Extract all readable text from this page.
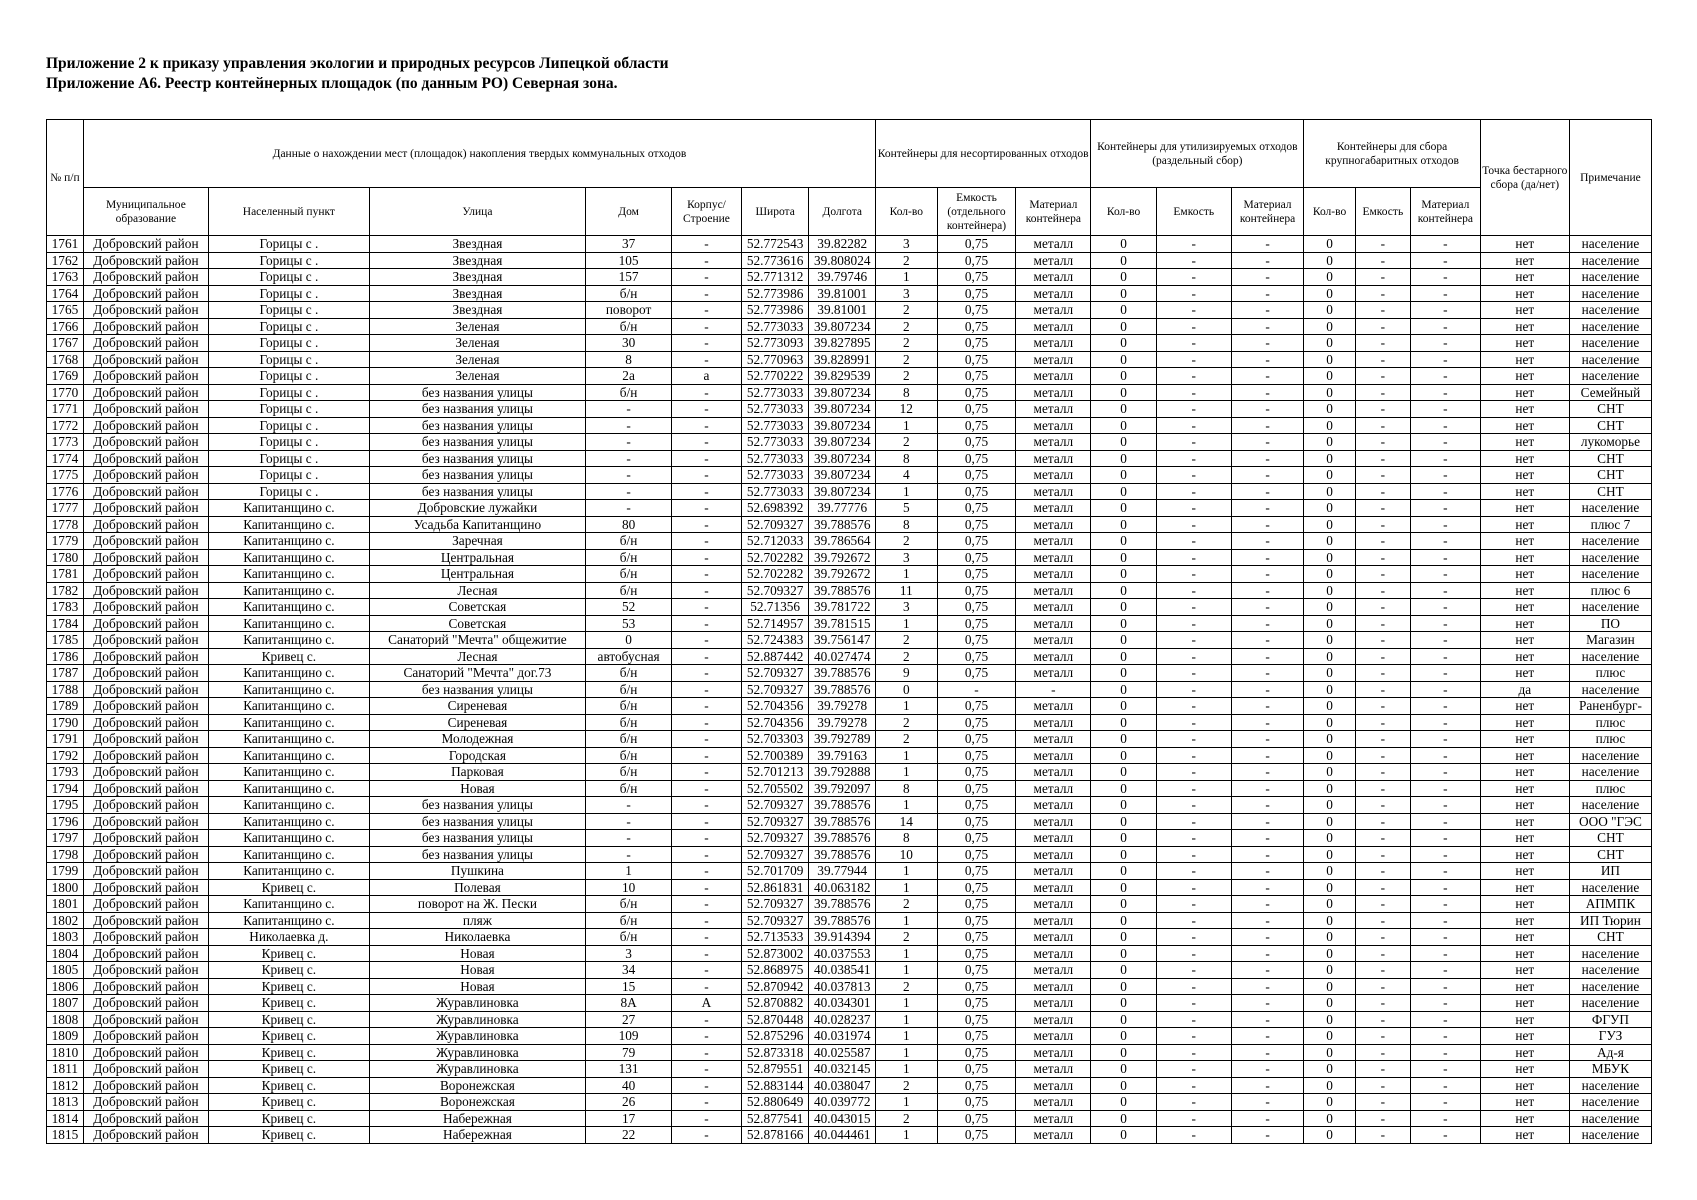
Приложение 2 к приказу управления экологии и природных ресурсов Липецкой области
Приложение А6. Реестр контейнерных площадок (по данным РО) Северная зона.
№ п/п	Данные о нахождении мест (площадок) накопления твердых коммунальных отходов							Контейнеры для несортированных отходов			Контейнеры для утилизируемых отходов (раздельный сбор)			Контейнеры для сбора крупногабаритных отходов			Точка бестарного сбора (да/нет)	Примечание
	Муниципальное образование	Населенный пункт	Улица	Дом	Корпус/ Строение	Широта	Долгота	Кол-во	Емкость (отдельного контейнера)	Материал контейнера	Кол-во	Емкость	Материал контейнера	Кол-во	Емкость	Материал контейнера		
1761	Добровский район	Горицы с .	Звездная	37	-	52.772543	39.82282	3	0,75	металл	0	-	-	0	-	-	нет	население
1762	Добровский район	Горицы с .	Звездная	105	-	52.773616	39.808024	2	0,75	металл	0	-	-	0	-	-	нет	население
1763	Добровский район	Горицы с .	Звездная	157	-	52.771312	39.79746	1	0,75	металл	0	-	-	0	-	-	нет	население
1764	Добровский район	Горицы с .	Звездная	б/н	-	52.773986	39.81001	3	0,75	металл	0	-	-	0	-	-	нет	население
1765	Добровский район	Горицы с .	Звездная	поворот	-	52.773986	39.81001	2	0,75	металл	0	-	-	0	-	-	нет	население
1766	Добровский район	Горицы с .	Зеленая	б/н	-	52.773033	39.807234	2	0,75	металл	0	-	-	0	-	-	нет	население
1767	Добровский район	Горицы с .	Зеленая	30	-	52.773093	39.827895	2	0,75	металл	0	-	-	0	-	-	нет	население
1768	Добровский район	Горицы с .	Зеленая	8	-	52.770963	39.828991	2	0,75	металл	0	-	-	0	-	-	нет	население
1769	Добровский район	Горицы с .	Зеленая	2а	а	52.770222	39.829539	2	0,75	металл	0	-	-	0	-	-	нет	население
1770	Добровский район	Горицы с .	без названия улицы	б/н	-	52.773033	39.807234	8	0,75	металл	0	-	-	0	-	-	нет	Семейный
1771	Добровский район	Горицы с .	без названия улицы	-	-	52.773033	39.807234	12	0,75	металл	0	-	-	0	-	-	нет	СНТ
1772	Добровский район	Горицы с .	без названия улицы	-	-	52.773033	39.807234	1	0,75	металл	0	-	-	0	-	-	нет	СНТ
1773	Добровский район	Горицы с .	без названия улицы	-	-	52.773033	39.807234	2	0,75	металл	0	-	-	0	-	-	нет	лукоморье
1774	Добровский район	Горицы с .	без названия улицы	-	-	52.773033	39.807234	8	0,75	металл	0	-	-	0	-	-	нет	СНТ
1775	Добровский район	Горицы с .	без названия улицы	-	-	52.773033	39.807234	4	0,75	металл	0	-	-	0	-	-	нет	СНТ
1776	Добровский район	Горицы с .	без названия улицы	-	-	52.773033	39.807234	1	0,75	металл	0	-	-	0	-	-	нет	СНТ
1777	Добровский район	Капитанщино с.	Добровские лужайки	-	-	52.698392	39.77776	5	0,75	металл	0	-	-	0	-	-	нет	население
1778	Добровский район	Капитанщино с.	Усадьба Капитанщино	80	-	52.709327	39.788576	8	0,75	металл	0	-	-	0	-	-	нет	плюс 7
1779	Добровский район	Капитанщино с.	Заречная	б/н	-	52.712033	39.786564	2	0,75	металл	0	-	-	0	-	-	нет	население
1780	Добровский район	Капитанщино с.	Центральная	б/н	-	52.702282	39.792672	3	0,75	металл	0	-	-	0	-	-	нет	население
1781	Добровский район	Капитанщино с.	Центральная	б/н	-	52.702282	39.792672	1	0,75	металл	0	-	-	0	-	-	нет	население
1782	Добровский район	Капитанщино с.	Лесная	б/н	-	52.709327	39.788576	11	0,75	металл	0	-	-	0	-	-	нет	плюс 6
1783	Добровский район	Капитанщино с.	Советская	52	-	52.71356	39.781722	3	0,75	металл	0	-	-	0	-	-	нет	население
1784	Добровский район	Капитанщино с.	Советская	53	-	52.714957	39.781515	1	0,75	металл	0	-	-	0	-	-	нет	ПО
1785	Добровский район	Капитанщино с.	Санаторий "Мечта" общежитие	0	-	52.724383	39.756147	2	0,75	металл	0	-	-	0	-	-	нет	Магазин
1786	Добровский район	Кривец с.	Лесная	автобусная	-	52.887442	40.027474	2	0,75	металл	0	-	-	0	-	-	нет	население
1787	Добровский район	Капитанщино с.	Санаторий "Мечта" дог.73	б/н	-	52.709327	39.788576	9	0,75	металл	0	-	-	0	-	-	нет	плюс
1788	Добровский район	Капитанщино с.	без названия улицы	б/н	-	52.709327	39.788576	0	-	-	0	-	-	0	-	-	да	население
1789	Добровский район	Капитанщино с.	Сиреневая	б/н	-	52.704356	39.79278	1	0,75	металл	0	-	-	0	-	-	нет	Раненбург-
1790	Добровский район	Капитанщино с.	Сиреневая	б/н	-	52.704356	39.79278	2	0,75	металл	0	-	-	0	-	-	нет	плюс
1791	Добровский район	Капитанщино с.	Молодежная	б/н	-	52.703303	39.792789	2	0,75	металл	0	-	-	0	-	-	нет	плюс
1792	Добровский район	Капитанщино с.	Городская	б/н	-	52.700389	39.79163	1	0,75	металл	0	-	-	0	-	-	нет	население
1793	Добровский район	Капитанщино с.	Парковая	б/н	-	52.701213	39.792888	1	0,75	металл	0	-	-	0	-	-	нет	население
1794	Добровский район	Капитанщино с.	Новая	б/н	-	52.705502	39.792097	8	0,75	металл	0	-	-	0	-	-	нет	плюс
1795	Добровский район	Капитанщино с.	без названия улицы	-	-	52.709327	39.788576	1	0,75	металл	0	-	-	0	-	-	нет	население
1796	Добровский район	Капитанщино с.	без названия улицы	-	-	52.709327	39.788576	14	0,75	металл	0	-	-	0	-	-	нет	ООО "ГЭС
1797	Добровский район	Капитанщино с.	без названия улицы	-	-	52.709327	39.788576	8	0,75	металл	0	-	-	0	-	-	нет	СНТ
1798	Добровский район	Капитанщино с.	без названия улицы	-	-	52.709327	39.788576	10	0,75	металл	0	-	-	0	-	-	нет	СНТ
1799	Добровский район	Капитанщино с.	Пушкина	1	-	52.701709	39.77944	1	0,75	металл	0	-	-	0	-	-	нет	ИП
1800	Добровский район	Кривец с.	Полевая	10	-	52.861831	40.063182	1	0,75	металл	0	-	-	0	-	-	нет	население
1801	Добровский район	Капитанщино с.	поворот на Ж. Пески	б/н	-	52.709327	39.788576	2	0,75	металл	0	-	-	0	-	-	нет	АПМПК
1802	Добровский район	Капитанщино с.	пляж	б/н	-	52.709327	39.788576	1	0,75	металл	0	-	-	0	-	-	нет	ИП Тюрин
1803	Добровский район	Николаевка д.	Николаевка	б/н	-	52.713533	39.914394	2	0,75	металл	0	-	-	0	-	-	нет	СНТ
1804	Добровский район	Кривец с.	Новая	3	-	52.873002	40.037553	1	0,75	металл	0	-	-	0	-	-	нет	население
1805	Добровский район	Кривец с.	Новая	34	-	52.868975	40.038541	1	0,75	металл	0	-	-	0	-	-	нет	население
1806	Добровский район	Кривец с.	Новая	15	-	52.870942	40.037813	2	0,75	металл	0	-	-	0	-	-	нет	население
1807	Добровский район	Кривец с.	Журавлиновка	8А	А	52.870882	40.034301	1	0,75	металл	0	-	-	0	-	-	нет	население
1808	Добровский район	Кривец с.	Журавлиновка	27	-	52.870448	40.028237	1	0,75	металл	0	-	-	0	-	-	нет	ФГУП
1809	Добровский район	Кривец с.	Журавлиновка	109	-	52.875296	40.031974	1	0,75	металл	0	-	-	0	-	-	нет	ГУЗ
1810	Добровский район	Кривец с.	Журавлиновка	79	-	52.873318	40.025587	1	0,75	металл	0	-	-	0	-	-	нет	Ад-я
1811	Добровский район	Кривец с.	Журавлиновка	131	-	52.879551	40.032145	1	0,75	металл	0	-	-	0	-	-	нет	МБУК
1812	Добровский район	Кривец с.	Воронежская	40	-	52.883144	40.038047	2	0,75	металл	0	-	-	0	-	-	нет	население
1813	Добровский район	Кривец с.	Воронежская	26	-	52.880649	40.039772	1	0,75	металл	0	-	-	0	-	-	нет	население
1814	Добровский район	Кривец с.	Набережная	17	-	52.877541	40.043015	2	0,75	металл	0	-	-	0	-	-	нет	население
1815	Добровский район	Кривец с.	Набережная	22	-	52.878166	40.044461	1	0,75	металл	0	-	-	0	-	-	нет	население
